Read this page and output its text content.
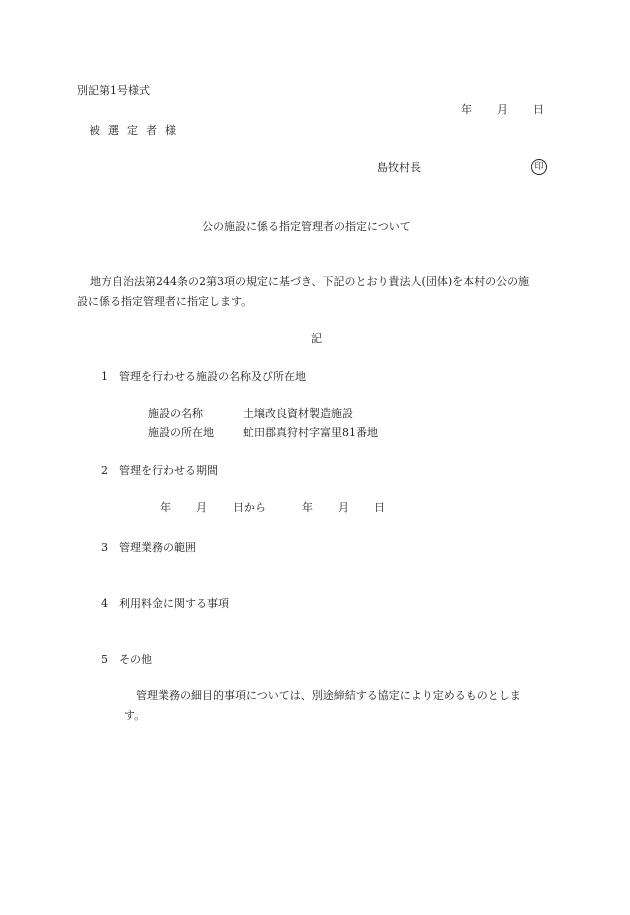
別記第1号様式
年 月 日
被選定者様
島牧村長	印
公の施設に係る指定管理者の指定について
地方自治法第244条の2第3項の規定に基づき、下記のとおり貴法人(団体)を本村の公の施
設に係る指定管理者に指定します。
記
1 管理を行わせる施設の名称及び所在地
施設の名称	土壌改良資材製造施設
施設の所在地	虻田郡真狩村字富里81番地
2 管理を行わせる期間
年 月 日から	年 月 日
3 管理業務の範囲
4 利用料金に関する事項
5 その他
管理業務の細目的事項については、別途締結する協定により定めるものとしま
す。
